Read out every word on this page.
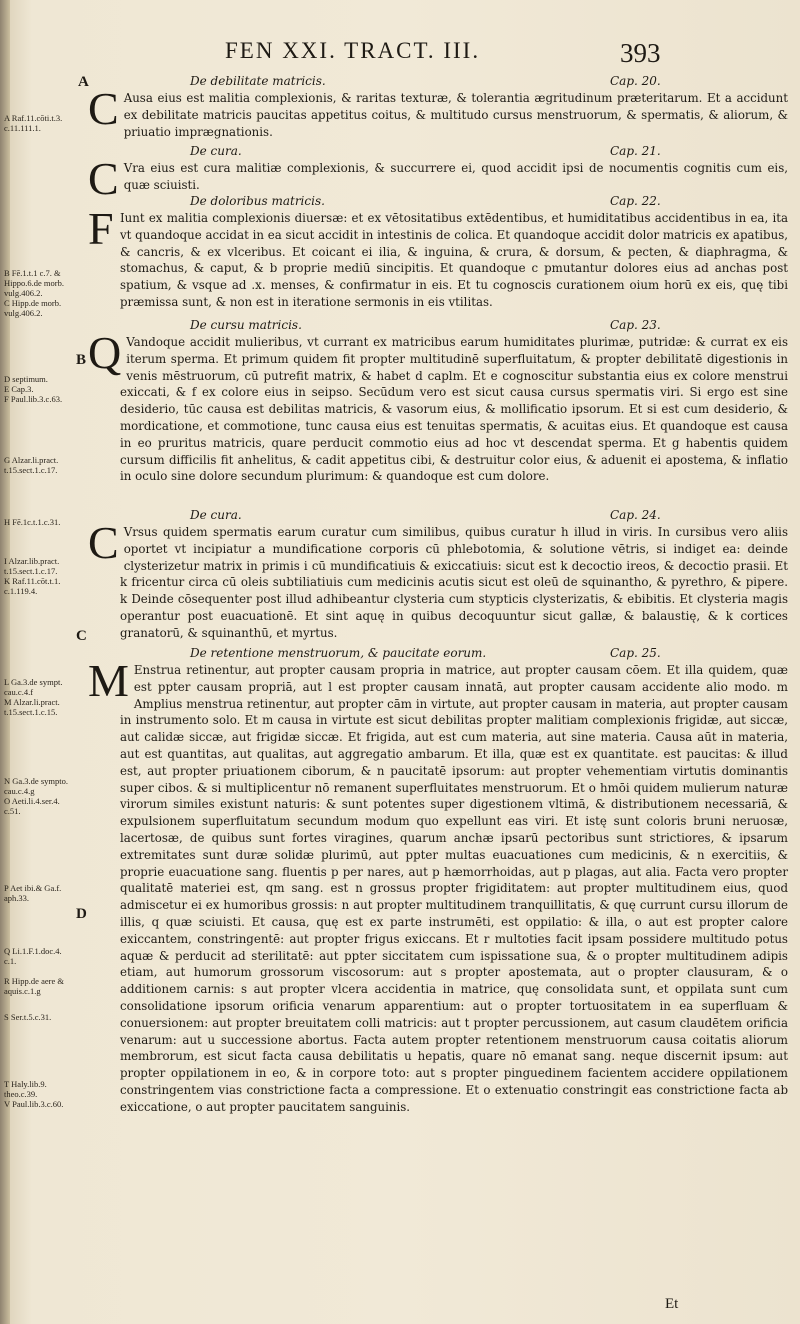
FEN XXI. TRACT. III.	393
A Raf.11.cōti.t.3.
c.11.111.1.
B Fē.1.t.1 c.7. &
Hippo.6.de morb.
vulg.406.2.
C Hipp.de morb.
vulg.406.2.
D septimum.
E Cap.3.
F Paul.lib.3.c.63.
G Alzar.li.pract.
t.15.sect.1.c.17.
H Fē.1c.t.1.c.31.
I Alzar.lib.pract.
t.15.sect.1.c.17.
K Raf.11.cōt.t.1.
c.1.119.4.
L Ga.3.de sympt.
cau.c.4.f
M Alzar.li.pract.
t.15.sect.1.c.15.
N Ga.3.de sympto.
cau.c.4.g
O Aeti.li.4.ser.4.
c.51.
P Aet ibi.& Ga.f.
aph.33.
Q Li.1.F.1.doc.4.
c.1.
R Hipp.de aere &
aquis.c.1.g
S Ser.t.5.c.31.
T Haly.lib.9.
theo.c.39.
V Paul.lib.3.c.60.
A
B
C
D
De debilitate matricis.	Cap. 20.

C Ausa eius est malitia complexionis, & raritas texturæ, & tolerantia ægritudinum præteritarum. Et a accidunt ex debilitate matricis paucitas appetitus coitus, & multitudo cursus menstruorum, & spermatis, & aliorum, & priuatio imprægnationis.

De cura.	Cap. 21.

C Vra eius est cura malitiæ complexionis, & succurrere ei, quod accidit ipsi de nocumentis cognitis cum eis, quæ sciuisti.

De doloribus matricis.	Cap. 22.

F Iunt ex malitia complexionis diuersæ: et ex vētositatibus extēdentibus, et humiditatibus accidentibus in ea, ita vt quandoque accidat in ea sicut accidit in intestinis de colica. Et quandoque accidit dolor matricis ex apatibus, & cancris, & ex vlceribus. Et coicant ei ilia, & inguina, & crura, & dorsum, & pecten, & diaphragma, & stomachus, & caput, & b proprie mediū sincipitis. Et quandoque c pmutantur dolores eius ad anchas post spatium, & vsque ad .x. menses, & confirmatur in eis. Et tu cognoscis curationem oium horū ex eis, quę tibi præmissa sunt, & non est in iteratione sermonis in eis vtilitas.

De cursu matricis.	Cap. 23.

Q Vandoque accidit mulieribus, vt currant ex matricibus earum humiditates plurimæ, putridæ: & currat ex eis iterum sperma. Et primum quidem fit propter multitudinē superfluitatum, & propter debilitatē digestionis in venis mēstruorum, cū putrefit matrix, & habet d caplm. Et e cognoscitur substantia eius ex colore menstrui exiccati, & f ex colore eius in seipso. Secūdum vero est sicut causa cursus spermatis viri. Si ergo est sine desiderio, tūc causa est debilitas matricis, & vasorum eius, & mollificatio ipsorum. Et si est cum desiderio, & mordicatione, et commotione, tunc causa eius est tenuitas spermatis, & acuitas eius. Et quandoque est causa in eo pruritus matricis, quare perducit commotio eius ad hoc vt descendat sperma. Et g habentis quidem cursum difficilis fit anhelitus, & cadit appetitus cibi, & destruitur color eius, & aduenit ei apostema, & inflatio in oculo sine dolore secundum plurimum: & quandoque est cum dolore.

De cura.	Cap. 24.

C Vrsus quidem spermatis earum curatur cum similibus, quibus curatur h illud in viris. In cursibus vero aliis oportet vt incipiatur a mundificatione corporis cū phlebotomia, & solutione vētris, si indiget ea: deinde clysterizetur matrix in primis i cū mundificatiuis & exiccatiuis: sicut est k decoctio ireos, & decoctio prasii. Et k fricentur circa cū oleis subtiliatiuis cum medicinis acutis sicut est oleū de squinantho, & pyrethro, & pipere. k Deinde cōsequenter post illud adhibeantur clysteria cum stypticis clysterizatis, & ebibitis. Et clysteria magis operantur post euacuationē. Et sint aquę in quibus decoquuntur sicut gallæ, & balaustię, & k cortices granatorū, & squinanthū, et myrtus.

De retentione menstruorum, & paucitate eorum.	Cap. 25.

M Enstrua retinentur, aut propter causam propria in matrice, aut propter causam cōem. Et illa quidem, quæ est ppter causam propriā, aut l est propter causam innatā, aut propter causam accidente alio modo. m Amplius menstrua retinentur, aut propter cām in virtute, aut propter causam in materia, aut propter causam in instrumento solo. Et m causa in virtute est sicut debilitas propter malitiam complexionis frigidæ, aut siccæ, aut calidæ siccæ, aut frigidæ siccæ. Et frigida, aut est cum materia, aut sine materia. Causa aūt in materia, aut est quantitas, aut qualitas, aut aggregatio ambarum. Et illa, quæ est ex quantitate. est paucitas: & illud est, aut propter priuationem ciborum, & n paucitatē ipsorum: aut propter vehementiam virtutis dominantis super cibos. & si multiplicentur nō remanent superfluitates menstruorum. Et o hmōi quidem mulierum naturæ virorum similes existunt naturis: & sunt potentes super digestionem vltimā, & distributionem necessariā, & expulsionem superfluitatum secundum modum quo expellunt eas viri. Et istę sunt coloris bruni neruosæ, lacertosæ, de quibus sunt fortes viragines, quarum anchæ ipsarū pectoribus sunt strictiores, & ipsarum extremitates sunt duræ solidæ plurimū, aut ppter multas euacuationes cum medicinis, & n exercitiis, & proprie euacuatione sang. fluentis p per nares, aut p hæmorrhoidas, aut p plagas, aut alia. Facta vero propter qualitatē materiei est, qm sang. est n grossus propter frigiditatem: aut propter multitudinem eius, quod admiscetur ei ex humoribus grossis: n aut propter multitudinem tranquillitatis, & quę currunt cursu illorum de illis, q quæ sciuisti. Et causa, quę est ex parte instrumēti, est oppilatio: & illa, o aut est propter calore exiccantem, constringentē: aut propter frigus exiccans. Et r multoties facit ipsam possidere multitudo potus aquæ & perducit ad sterilitatē: aut ppter siccitatem cum ispissatione sua, & o propter multitudinem adipis etiam, aut humorum grossorum viscosorum: aut s propter apostemata, aut o propter clausuram, & o additionem carnis: s aut propter vlcera accidentia in matrice, quę consolidata sunt, et oppilata sunt cum consolidatione ipsorum orificia venarum apparentium: aut o propter tortuositatem in ea superfluam & conuersionem: aut propter breuitatem colli matricis: aut t propter percussionem, aut casum claudētem orificia venarum: aut u successione abortus. Facta autem propter retentionem menstruorum causa coitatis aliorum membrorum, est sicut facta causa debilitatis u hepatis, quare nō emanat sang. neque discernit ipsum: aut propter oppilationem in eo, & in corpore toto: aut s propter pinguedinem facientem accidere oppilationem constringentem vias constrictione facta a compressione. Et o extenuatio constringit eas constrictione facta ab exiccatione, o aut propter paucitatem sanguinis.

Et
